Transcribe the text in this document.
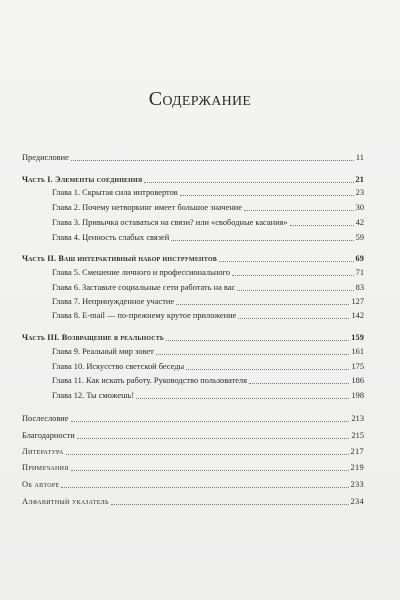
Содержание
Предисловие	11
Часть I. Элементы соединения	21
Глава 1. Скрытая сила интровертов	23
Глава 2. Почему нетворкинг имеет большое значение	30
Глава 3. Привычка оставаться на связи? или «свободные касания»	42
Глава 4. Ценность слабых связей	59
Часть II. Ваш интерактивный набор инструментов	69
Глава 5. Смешение личного и профессионального	71
Глава 6. Заставьте социальные сети работать на вас	83
Глава 7. Непринужденное участие	127
Глава 8. E-mail — по-прежнему крутое приложение	142
Часть III. Возвращение в реальность	159
Глава 9. Реальный мир зовет	161
Глава 10. Искусство светской беседы	175
Глава 11. Как искать работу. Руководство пользователя	186
Глава 12. Ты сможешь!	198
Послесловие	213
Благодарности	215
Литература	217
Примечания	219
Об авторе	233
Алфавитный указатель	234
